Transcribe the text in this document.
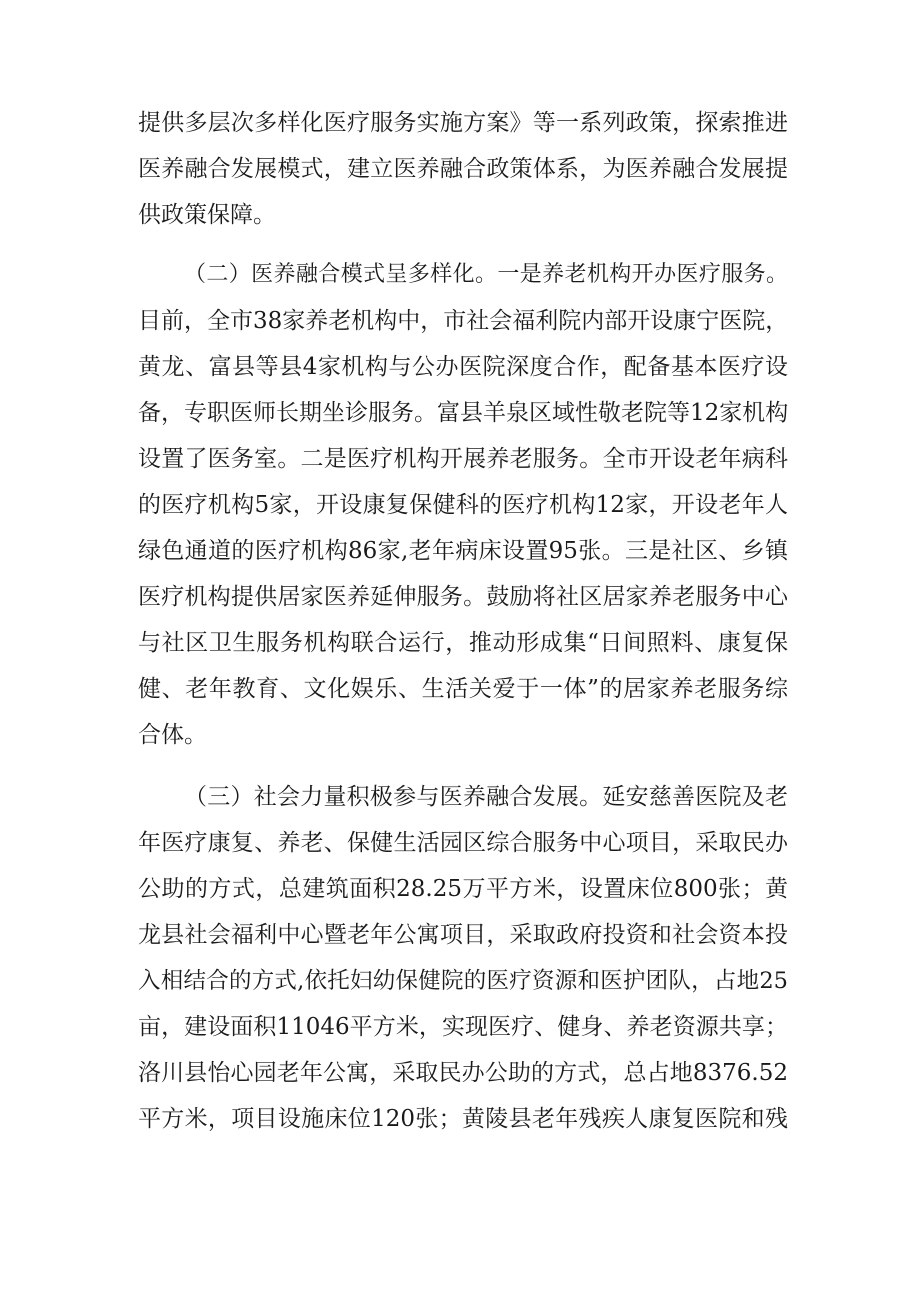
提供多层次多样化医疗服务实施方案》等一系列政策，探索推进
医养融合发展模式，建立医养融合政策体系，为医养融合发展提
供政策保障。
（二）医养融合模式呈多样化。一是养老机构开办医疗服务。
目前，全市38家养老机构中，市社会福利院内部开设康宁医院，
黄龙、富县等县4家机构与公办医院深度合作，配备基本医疗设
备，专职医师长期坐诊服务。富县羊泉区域性敬老院等12家机构
设置了医务室。二是医疗机构开展养老服务。全市开设老年病科
的医疗机构5家，开设康复保健科的医疗机构12家，开设老年人
绿色通道的医疗机构86家,老年病床设置95张。三是社区、乡镇
医疗机构提供居家医养延伸服务。鼓励将社区居家养老服务中心
与社区卫生服务机构联合运行，推动形成集“日间照料、康复保
健、老年教育、文化娱乐、生活关爱于一体”的居家养老服务综
合体。
（三）社会力量积极参与医养融合发展。延安慈善医院及老
年医疗康复、养老、保健生活园区综合服务中心项目，采取民办
公助的方式，总建筑面积28.25万平方米，设置床位800张；黄
龙县社会福利中心暨老年公寓项目，采取政府投资和社会资本投
入相结合的方式,依托妇幼保健院的医疗资源和医护团队，占地25
亩，建设面积11046平方米，实现医疗、健身、养老资源共享；
洛川县怡心园老年公寓，采取民办公助的方式，总占地8376.52
平方米，项目设施床位120张；黄陵县老年残疾人康复医院和残
